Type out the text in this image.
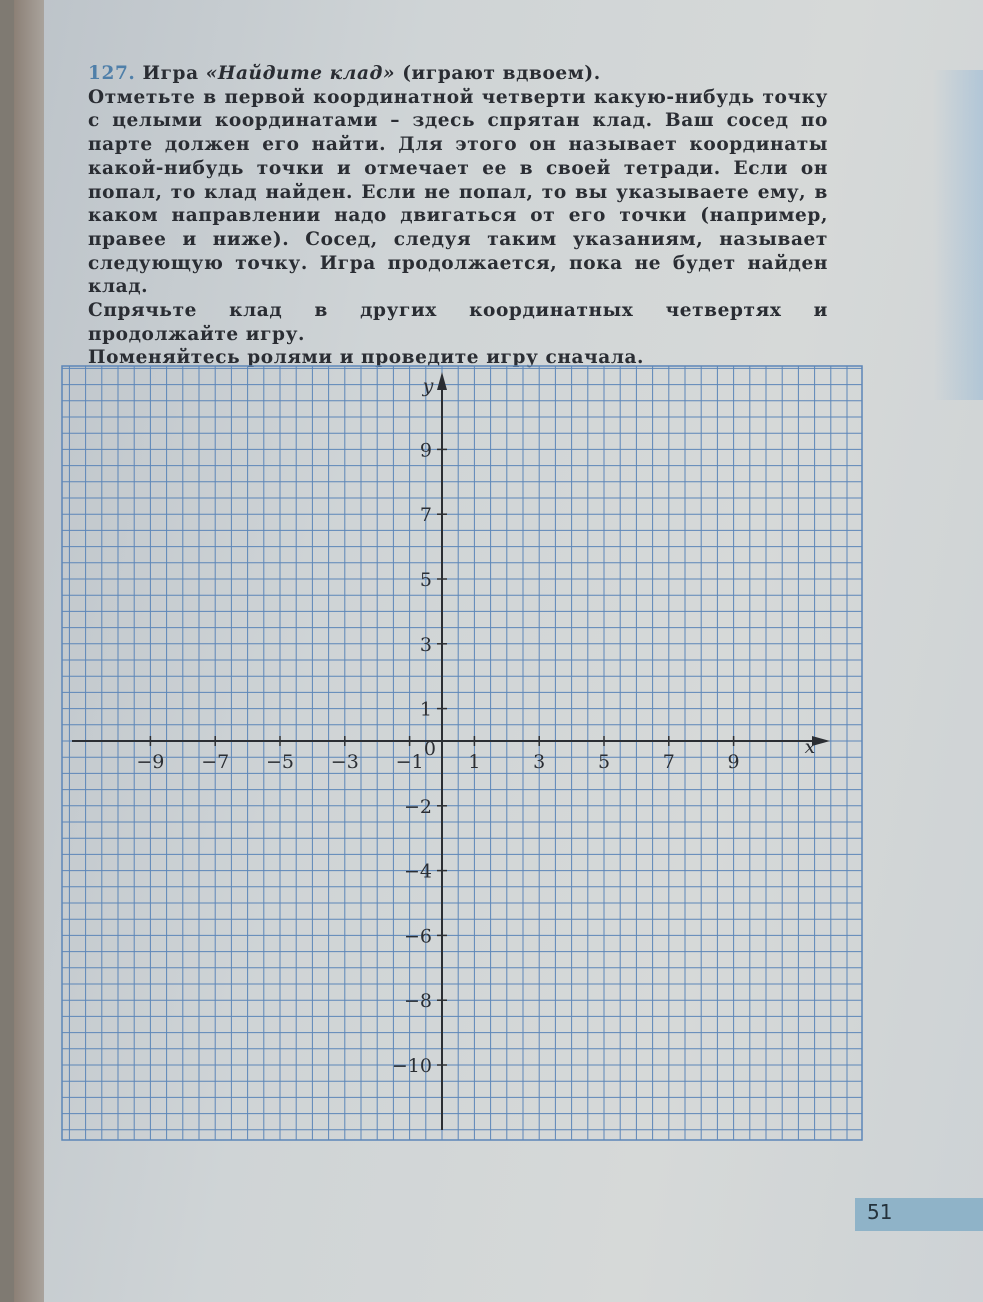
127. Игра «Найдите клад» (играют вдвоем).

Отметьте в первой координатной четверти какую-нибудь точку с целыми координатами – здесь спрятан клад. Ваш сосед по парте должен его найти. Для этого он называет координаты какой-нибудь точки и отмечает ее в своей тетради. Если он попал, то клад найден. Если не попал, то вы указываете ему, в каком направлении надо двигаться от его точки (например, правее и ниже). Сосед, следуя таким указаниям, называет следующую точку. Игра продолжается, пока не будет найден клад.

Спрячьте клад в других координатных четвертях и продолжайте игру.

Поменяйтесь ролями и проведите игру сначала.

−9 −7 −5 −3 −1 1	3	5	7	9
9
7
5
3
1
−2
−4
−6
−8
−10
0	x
y
51
